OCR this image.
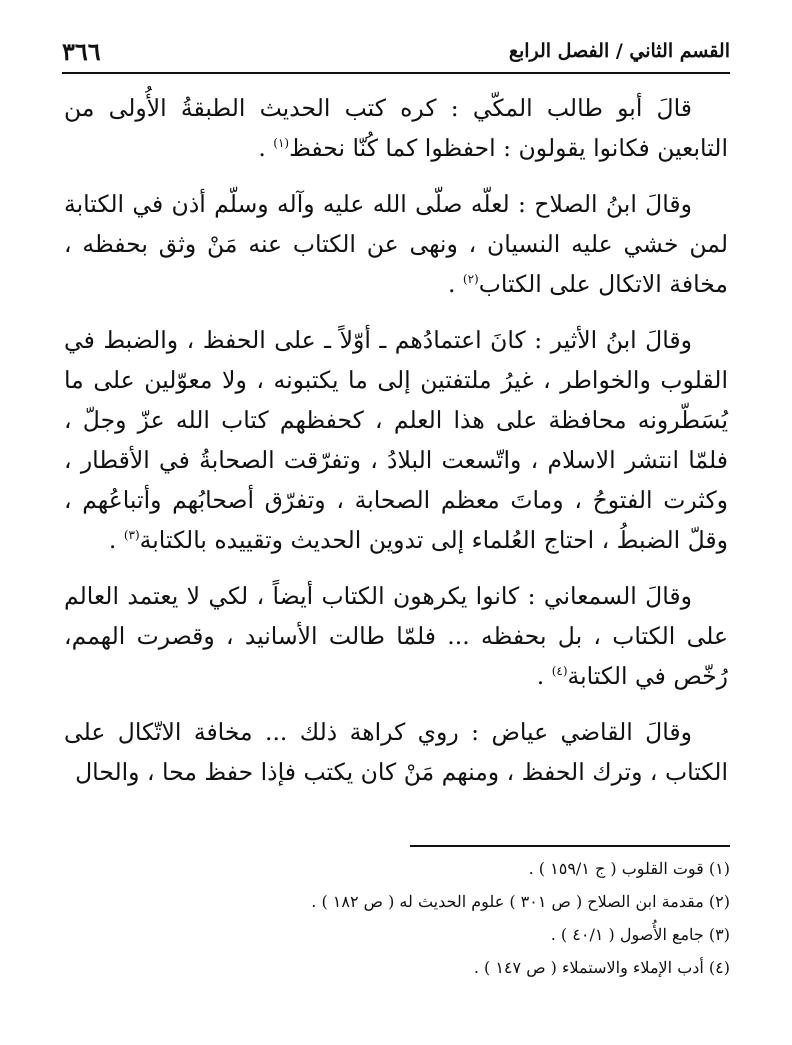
القسم الثاني / الفصل الرابع
٣٦٦

قالَ أبو طالب المكّي : كره كتب الحديث الطبقةُ الأُولى من التابعين فكانوا يقولون : احفظوا كما كُنّا نحفظ$^{(١)}$ .

وقالَ ابنُ الصلاح : لعلّه صلّى الله عليه وآله وسلّم أذن في الكتابة لمن خشي عليه النسيان ، ونهى عن الكتاب عنه مَنْ وثق بحفظه ، مخافة الاتكال على الكتاب$^{(٢)}$ .

وقالَ ابنُ الأثير : كانَ اعتمادُهم ـ أوّلاً ـ على الحفظ ، والضبط في القلوب والخواطر ، غيرُ ملتفتين إلى ما يكتبونه ، ولا معوّلين على ما يُسَطّرونه محافظة على هذا العلم ، كحفظهم كتاب الله عزّ وجلّ ، فلمّا انتشر الاسلام ، واتّسعت البلادُ ، وتفرّقت الصحابةُ في الأقطار ، وكثرت الفتوحُ ، وماتَ معظم الصحابة ، وتفرّق أصحابُهم وأتباعُهم ، وقلّ الضبطُ ، احتاج العُلماء إلى تدوين الحديث وتقييده بالكتابة$^{(٣)}$ .

وقالَ السمعاني : كانوا يكرهون الكتاب أيضاً ، لكي لا يعتمد العالم على الكتاب ، بل بحفظه ... فلمّا طالت الأسانيد ، وقصرت الهمم، رُخّص في الكتابة$^{(٤)}$ .

وقالَ القاضي عياض : روي كراهة ذلك ... مخافة الاتّكال على الكتاب ، وترك الحفظ ، ومنهم مَنْ كان يكتب فإذا حفظ محا ، والحال

(١) قوت القلوب ( ج ١٥٩/١ ) .
(٢) مقدمة ابن الصلاح ( ص ٣٠١ ) علوم الحديث له ( ص ١٨٢ ) .
(٣) جامع الأُصول ( ٤٠/١ ) .
(٤) أدب الإملاء والاستملاء ( ص ١٤٧ ) .
